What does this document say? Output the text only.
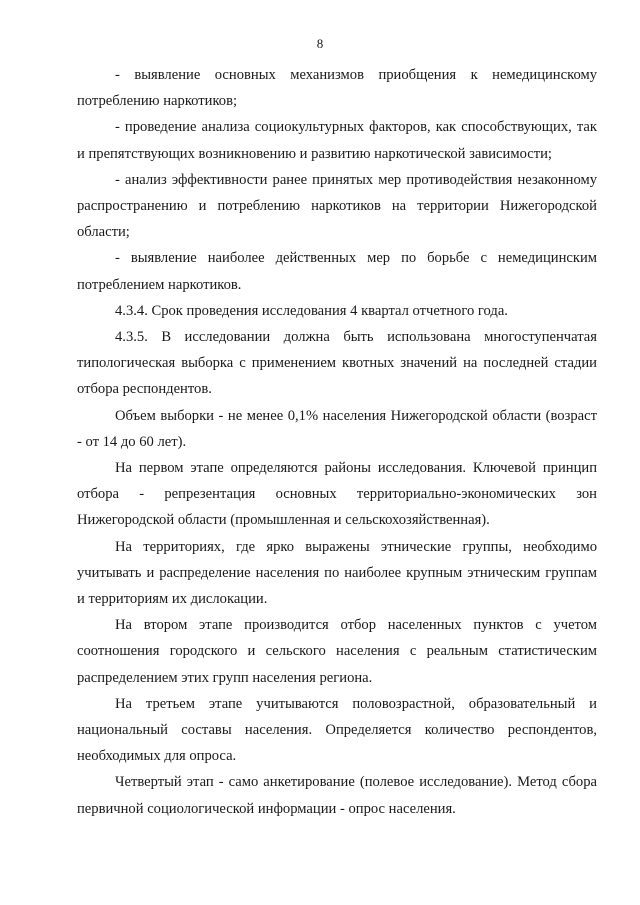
8

- выявление основных механизмов приобщения к немедицинскому потреблению наркотиков;

- проведение анализа социокультурных факторов, как способствующих, так и препятствующих возникновению и развитию наркотической зависимости;

- анализ эффективности ранее принятых мер противодействия незаконному распространению и потреблению наркотиков на территории Нижегородской области;

- выявление наиболее действенных мер по борьбе с немедицинским потреблением наркотиков.

4.3.4. Срок проведения исследования 4 квартал отчетного года.

4.3.5. В исследовании должна быть использована многоступенчатая типологическая выборка с применением квотных значений на последней стадии отбора респондентов.

Объем выборки - не менее 0,1% населения Нижегородской области (возраст - от 14 до 60 лет).

На первом этапе определяются районы исследования. Ключевой принцип отбора - репрезентация основных территориально-экономических зон Нижегородской области (промышленная и сельскохозяйственная).

На территориях, где ярко выражены этнические группы, необходимо учитывать и распределение населения по наиболее крупным этническим группам и территориям их дислокации.

На втором этапе производится отбор населенных пунктов с учетом соотношения городского и сельского населения с реальным статистическим распределением этих групп населения региона.

На третьем этапе учитываются половозрастной, образовательный и национальный составы населения. Определяется количество респондентов, необходимых для опроса.

Четвертый этап - само анкетирование (полевое исследование). Метод сбора первичной социологической информации - опрос населения.
